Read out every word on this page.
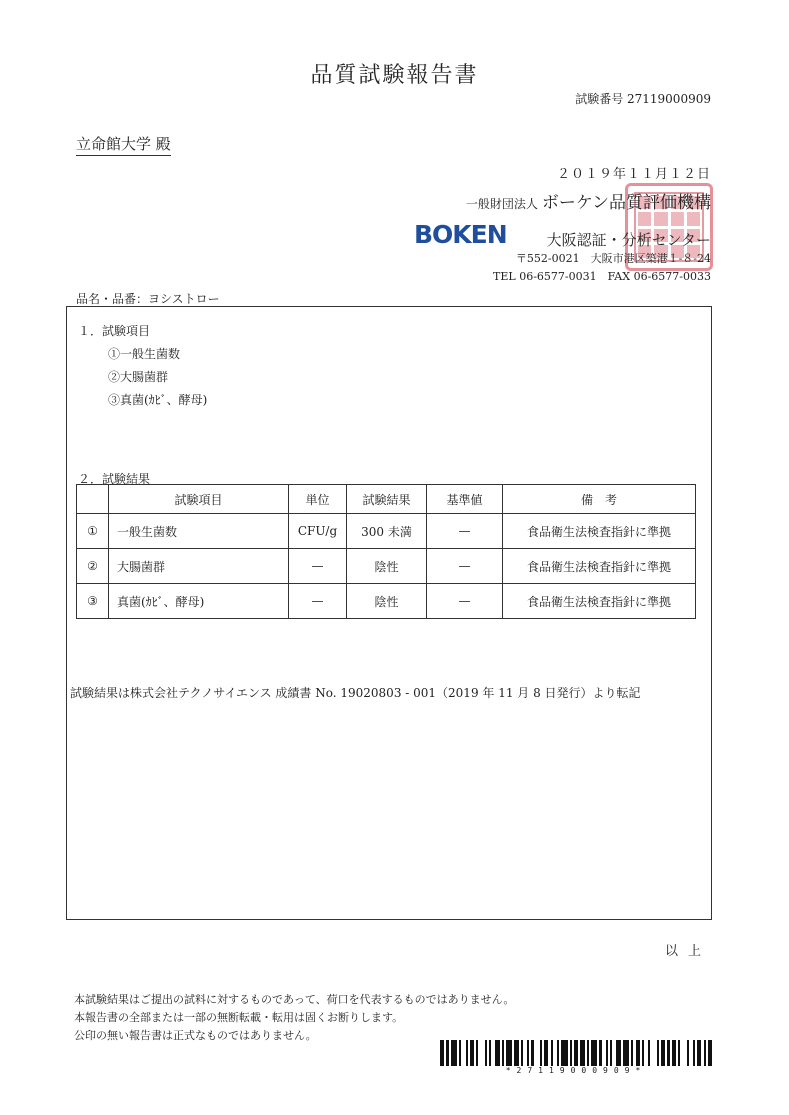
品質試験報告書
試験番号 27119000909
立命館大学 殿
２０１９年１１月１２日
一般財団法人 ボーケン品質評価機構
BOKEN	大阪認証・分析センター
〒552-0021　大阪市港区築港１-８-24
TEL 06-6577-0031　FAX 06-6577-0033
品名・品番：ヨシストロー
１．試験項目
①一般生菌数
②大腸菌群
③真菌(ｶﾋﾞ、酵母)
２．試験結果
	試験項目	単位	試験結果	基準値	備　考
①	一般生菌数	CFU/g	300 未満	—	食品衛生法検査指針に準拠
②	大腸菌群	—	陰性	—	食品衛生法検査指針に準拠
③	真菌(ｶﾋﾞ、酵母)	—	陰性	—	食品衛生法検査指針に準拠
試験結果は株式会社テクノサイエンス 成績書 No. 19020803 - 001（2019 年 11 月 8 日発行）より転記
以上
本試験結果はご提出の試料に対するものであって、荷口を代表するものではありません。
本報告書の全部または一部の無断転載・転用は固くお断りします。
公印の無い報告書は正式なものではありません。
*27119000909*
